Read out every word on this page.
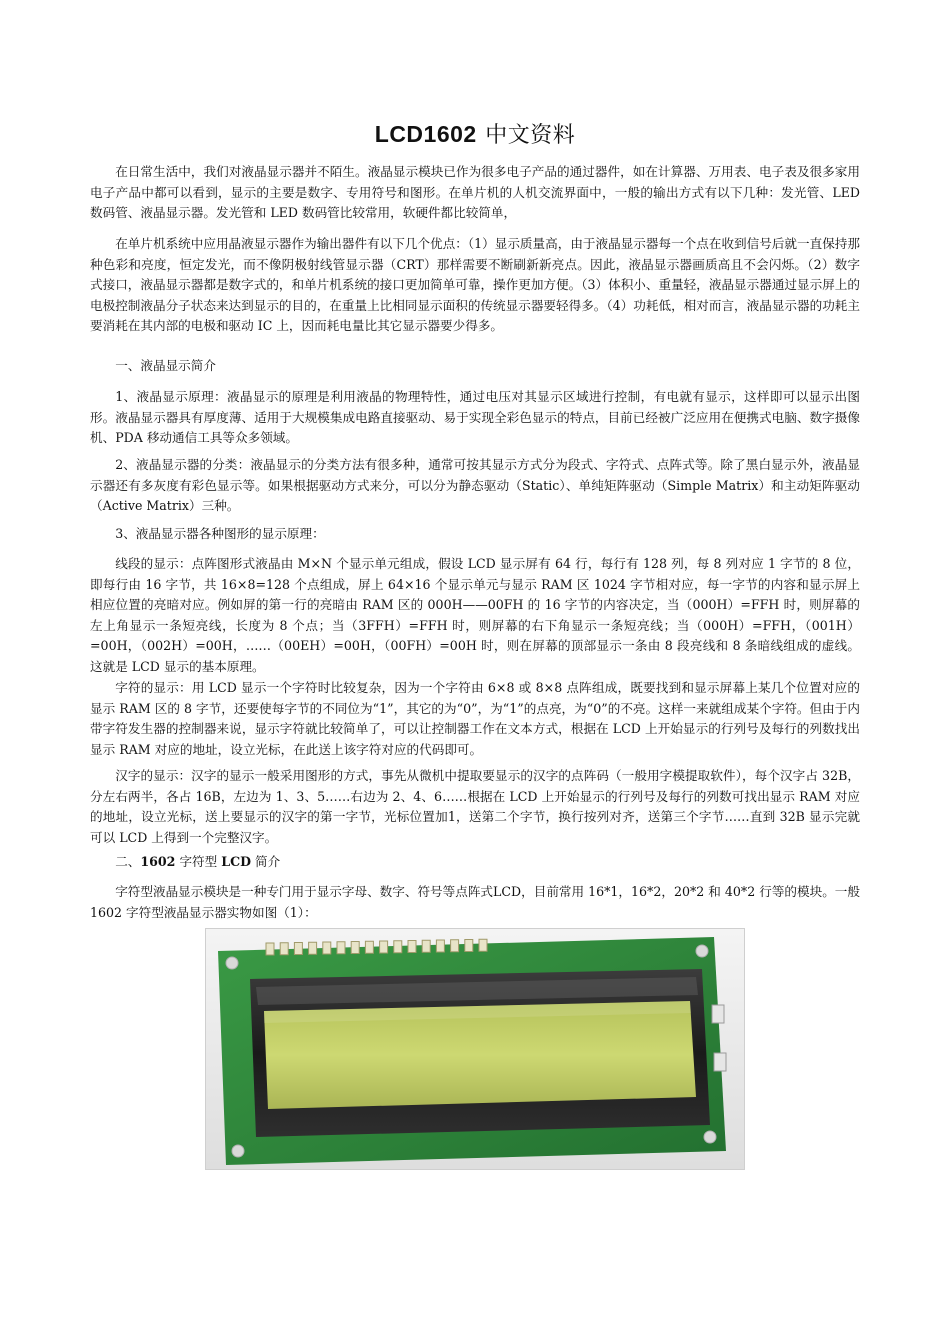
LCD1602 中文资料

在日常生活中，我们对液晶显示器并不陌生。液晶显示模块已作为很多电子产品的通过器件，如在计算器、万用表、电子表及很多家用电子产品中都可以看到，显示的主要是数字、专用符号和图形。在单片机的人机交流界面中，一般的输出方式有以下几种：发光管、LED 数码管、液晶显示器。发光管和 LED 数码管比较常用，软硬件都比较简单，

在单片机系统中应用晶液显示器作为输出器件有以下几个优点：（1）显示质量高，由于液晶显示器每一个点在收到信号后就一直保持那种色彩和亮度，恒定发光，而不像阴极射线管显示器（CRT）那样需要不断刷新新亮点。因此，液晶显示器画质高且不会闪烁。（2）数字式接口，液晶显示器都是数字式的，和单片机系统的接口更加简单可靠，操作更加方便。（3）体积小、重量轻，液晶显示器通过显示屏上的电极控制液晶分子状态来达到显示的目的，在重量上比相同显示面积的传统显示器要轻得多。（4）功耗低，相对而言，液晶显示器的功耗主要消耗在其内部的电极和驱动 IC 上，因而耗电量比其它显示器要少得多。

一、液晶显示简介

1、液晶显示原理：液晶显示的原理是利用液晶的物理特性，通过电压对其显示区域进行控制，有电就有显示，这样即可以显示出图形。液晶显示器具有厚度薄、适用于大规模集成电路直接驱动、易于实现全彩色显示的特点，目前已经被广泛应用在便携式电脑、数字摄像机、PDA 移动通信工具等众多领域。

2、液晶显示器的分类：液晶显示的分类方法有很多种，通常可按其显示方式分为段式、字符式、点阵式等。除了黑白显示外，液晶显示器还有多灰度有彩色显示等。如果根据驱动方式来分，可以分为静态驱动（Static）、单纯矩阵驱动（Simple Matrix）和主动矩阵驱动（Active Matrix）三种。

3、液晶显示器各种图形的显示原理：

线段的显示：点阵图形式液晶由 M×N 个显示单元组成，假设 LCD 显示屏有 64 行，每行有 128 列，每 8 列对应 1 字节的 8 位，即每行由 16 字节，共 16×8=128 个点组成，屏上 64×16 个显示单元与显示 RAM 区 1024 字节相对应，每一字节的内容和显示屏上相应位置的亮暗对应。例如屏的第一行的亮暗由 RAM 区的 000H——00FH 的 16 字节的内容决定，当（000H）=FFH 时，则屏幕的左上角显示一条短亮线，长度为 8 个点；当（3FFH）=FFH 时，则屏幕的右下角显示一条短亮线；当（000H）=FFH，（001H）=00H，（002H）=00H，……（00EH）=00H，（00FH）=00H 时，则在屏幕的顶部显示一条由 8 段亮线和 8 条暗线组成的虚线。这就是 LCD 显示的基本原理。

字符的显示：用 LCD 显示一个字符时比较复杂，因为一个字符由 6×8 或 8×8 点阵组成，既要找到和显示屏幕上某几个位置对应的显示 RAM 区的 8 字节，还要使每字节的不同位为“1”，其它的为“0”，为“1”的点亮，为“0”的不亮。这样一来就组成某个字符。但由于内带字符发生器的控制器来说，显示字符就比较简单了，可以让控制器工作在文本方式，根据在 LCD 上开始显示的行列号及每行的列数找出显示 RAM 对应的地址，设立光标，在此送上该字符对应的代码即可。

汉字的显示：汉字的显示一般采用图形的方式，事先从微机中提取要显示的汉字的点阵码（一般用字模提取软件），每个汉字占 32B，分左右两半，各占 16B，左边为 1、3、5……右边为 2、4、6……根据在 LCD 上开始显示的行列号及每行的列数可找出显示 RAM 对应的地址，设立光标，送上要显示的汉字的第一字节，光标位置加1，送第二个字节，换行按列对齐，送第三个字节……直到 32B 显示完就可以 LCD 上得到一个完整汉字。

二、1602 字符型 LCD 简介

字符型液晶显示模块是一种专门用于显示字母、数字、符号等点阵式LCD，目前常用 16*1，16*2，20*2 和 40*2 行等的模块。一般 1602 字符型液晶显示器实物如图（1）：
